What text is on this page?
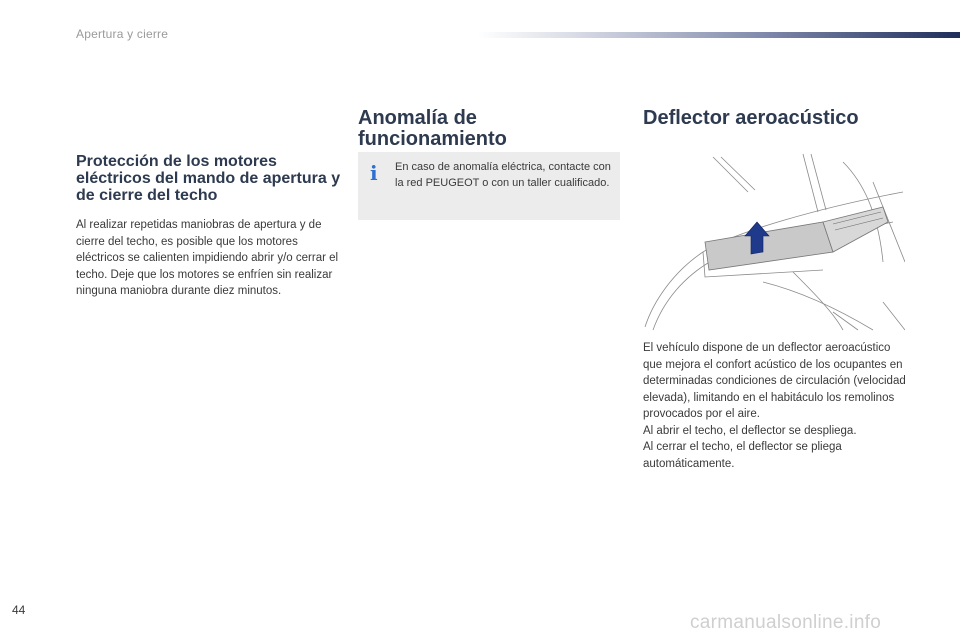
Apertura y cierre
Protección de los motores eléctricos del mando de apertura y de cierre del techo

Al realizar repetidas maniobras de apertura y de cierre del techo, es posible que los motores eléctricos se calienten impidiendo abrir y/o cerrar el techo. Deje que los motores se enfríen sin realizar ninguna maniobra durante diez minutos.

Anomalía de funcionamiento
i En caso de anomalía eléctrica, contacte con la red PEUGEOT o con un taller cualificado.
Deflector aeroacústico

El vehículo dispone de un deflector aeroacústico que mejora el confort acústico de los ocupantes en determinadas condiciones de circulación (velocidad elevada), limitando en el habitáculo los remolinos provocados por el aire.

Al abrir el techo, el deflector se despliega.

Al cerrar el techo, el deflector se pliega automáticamente.

44
carmanualsonline.info
